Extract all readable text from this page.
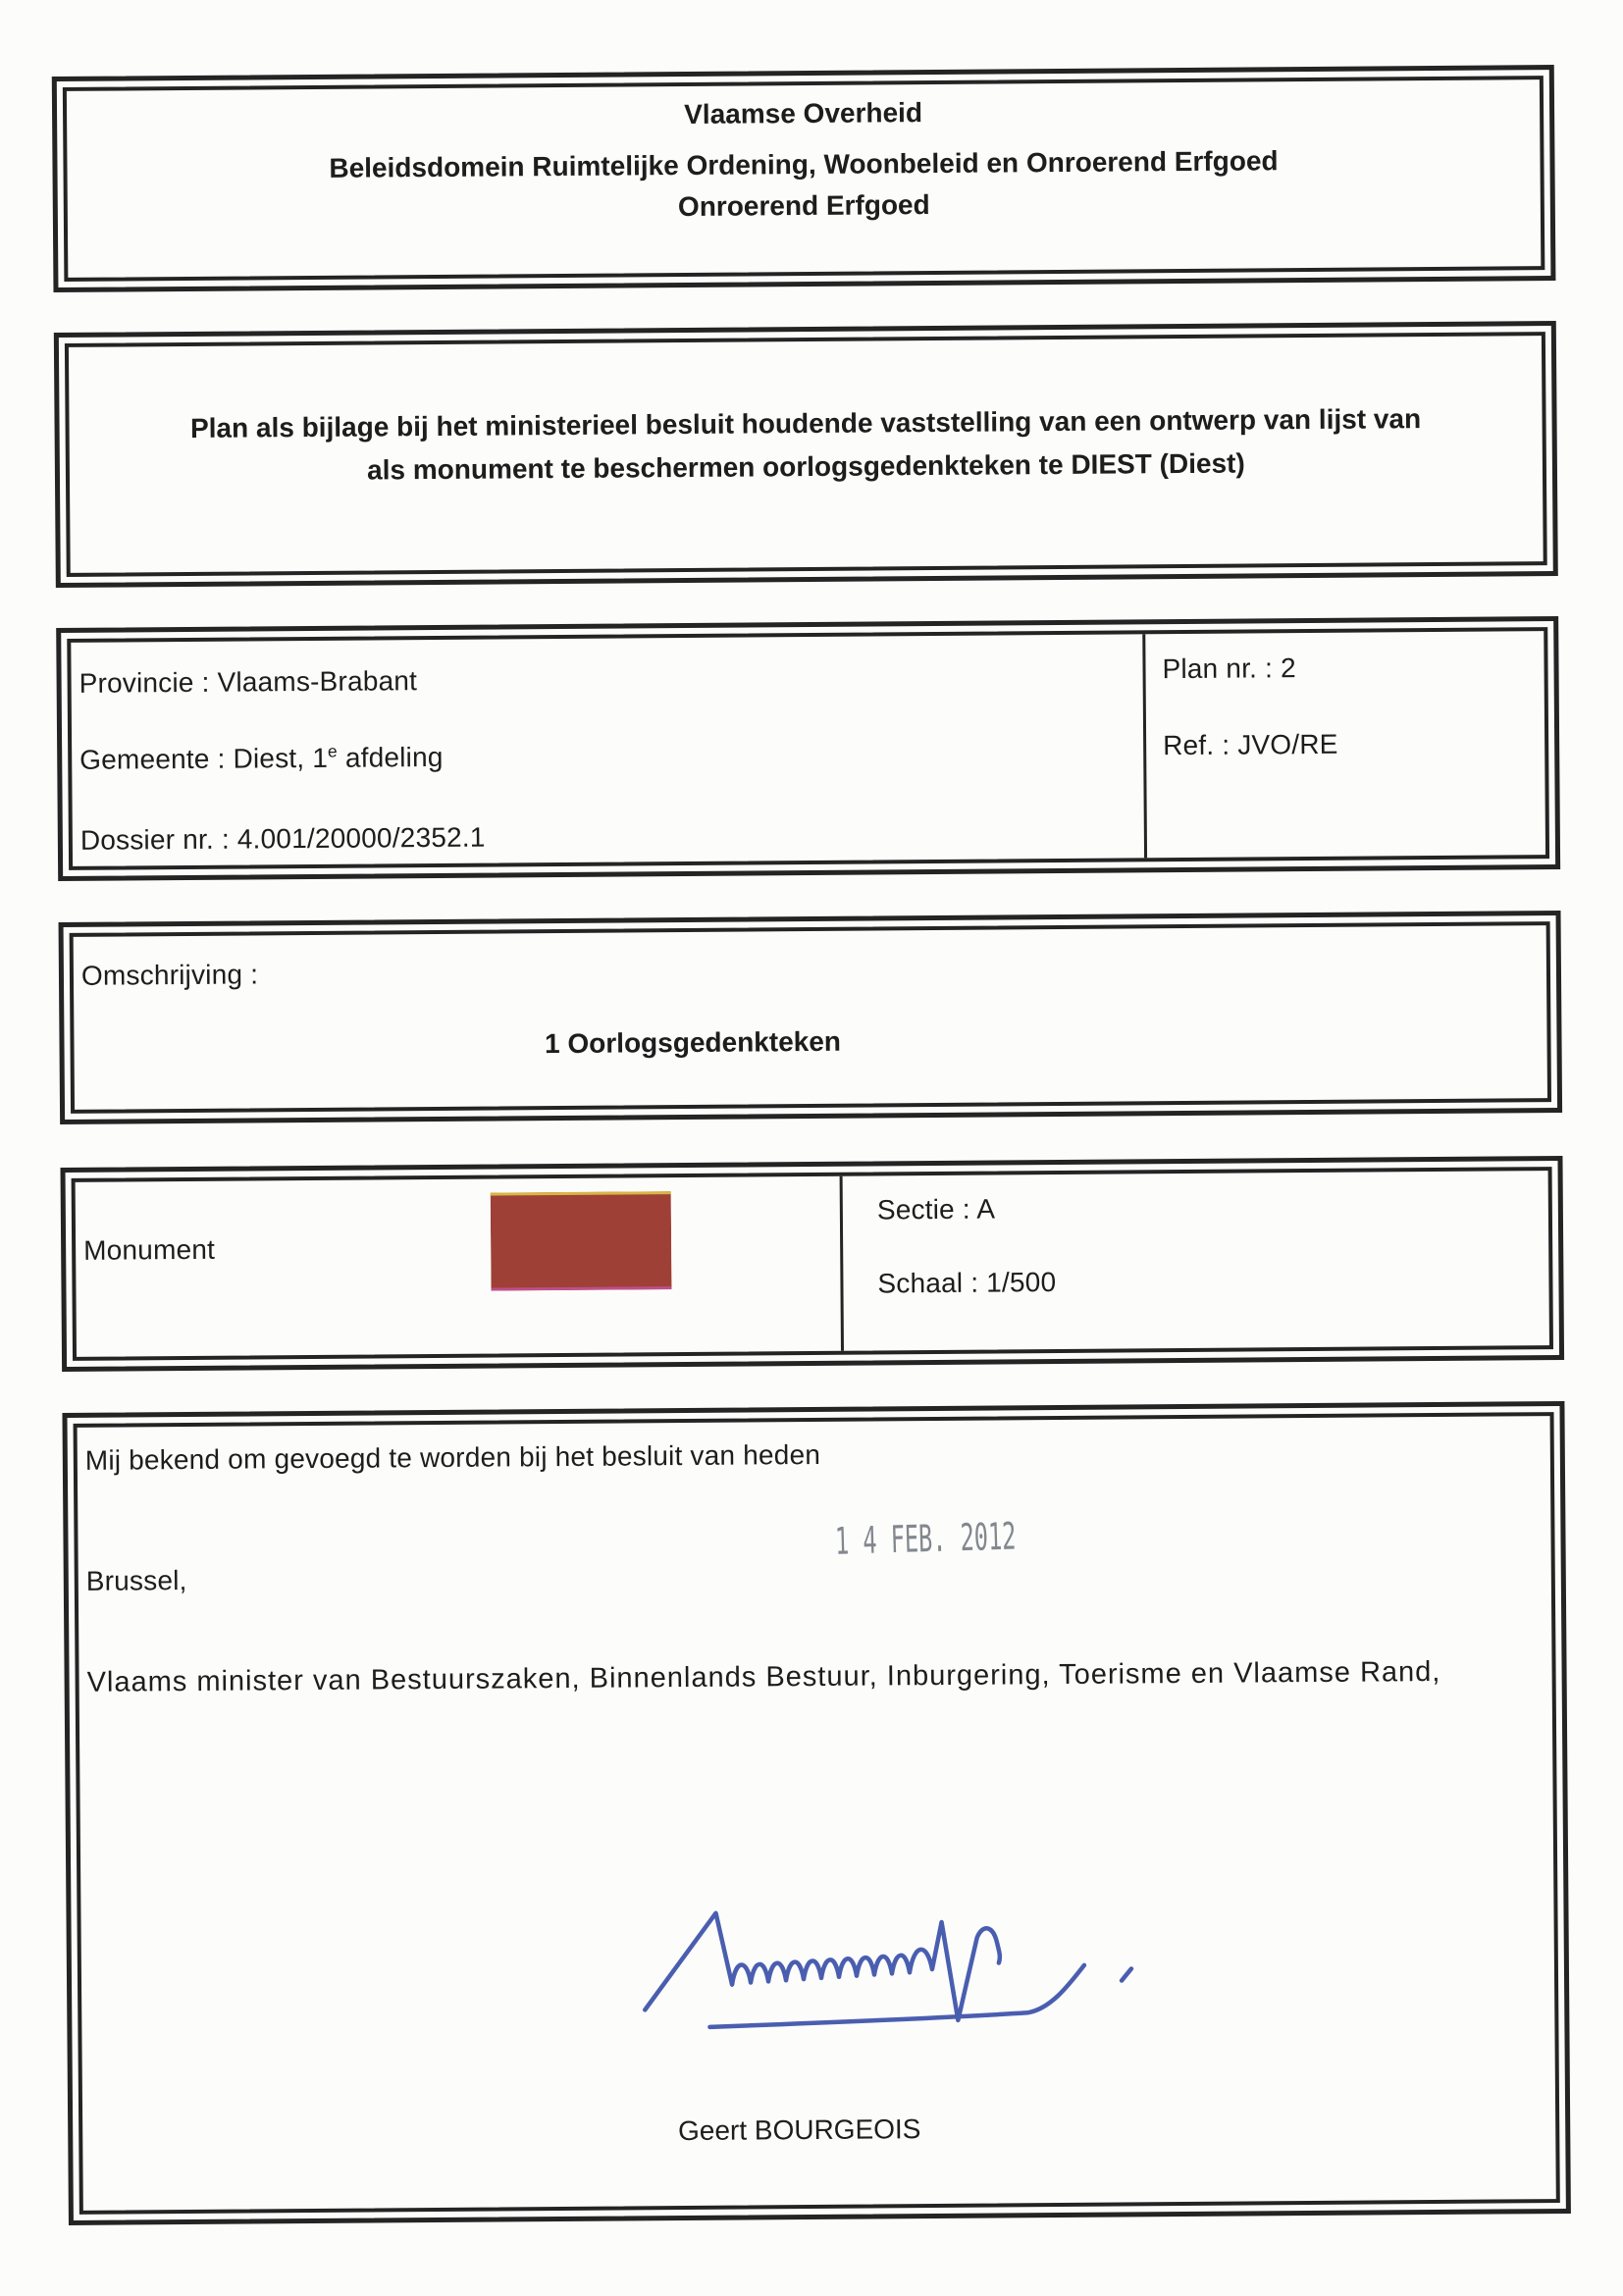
Vlaamse Overheid
Beleidsdomein Ruimtelijke Ordening, Woonbeleid en Onroerend Erfgoed
Onroerend Erfgoed
Plan als bijlage bij het ministerieel besluit houdende vaststelling van een ontwerp van lijst van
als monument te beschermen oorlogsgedenkteken te DIEST (Diest)
Provincie : Vlaams-Brabant
Gemeente : Diest, 1e afdeling
Dossier nr. : 4.001/20000/2352.1
Plan nr. : 2
Ref. : JVO/RE
Omschrijving :
1 Oorlogsgedenkteken
Monument
Sectie : A
Schaal : 1/500
Mij bekend om gevoegd te worden bij het besluit van heden
1 4 FEB. 2012
Brussel,
Vlaams minister van Bestuurszaken, Binnenlands Bestuur, Inburgering, Toerisme en Vlaamse Rand,
Geert BOURGEOIS
